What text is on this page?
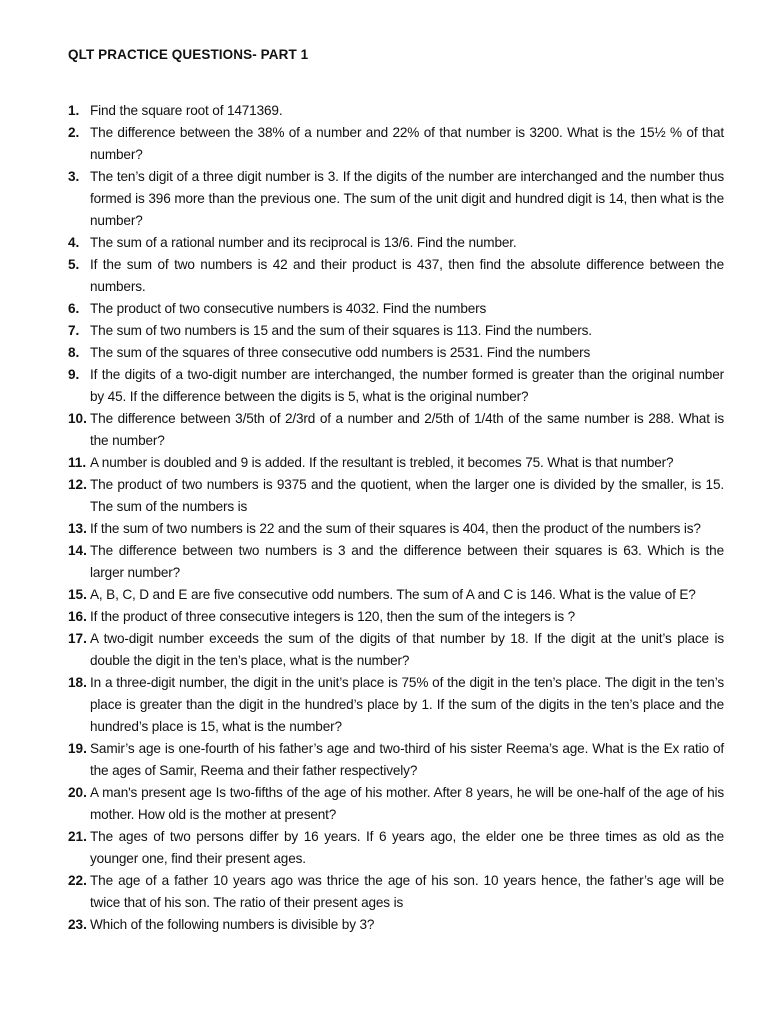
QLT PRACTICE QUESTIONS- PART 1
1. Find the square root of 1471369.
2. The difference between the 38% of a number and 22% of that number is 3200. What is the 15½ % of that number?
3. The ten’s digit of a three digit number is 3. If the digits of the number are interchanged and the number thus formed is 396 more than the previous one. The sum of the unit digit and hundred digit is 14, then what is the number?
4. The sum of a rational number and its reciprocal is 13/6. Find the number.
5. If the sum of two numbers is 42 and their product is 437, then find the absolute difference between the numbers.
6. The product of two consecutive numbers is 4032. Find the numbers
7. The sum of two numbers is 15 and the sum of their squares is 113. Find the numbers.
8. The sum of the squares of three consecutive odd numbers is 2531. Find the numbers
9. If the digits of a two-digit number are interchanged, the number formed is greater than the original number by 45. If the difference between the digits is 5, what is the original number?
10. The difference between 3/5th of 2/3rd of a number and 2/5th of 1/4th of the same number is 288. What is the number?
11. A number is doubled and 9 is added. If the resultant is trebled, it becomes 75. What is that number?
12. The product of two numbers is 9375 and the quotient, when the larger one is divided by the smaller, is 15. The sum of the numbers is
13. If the sum of two numbers is 22 and the sum of their squares is 404, then the product of the numbers is?
14. The difference between two numbers is 3 and the difference between their squares is 63. Which is the larger number?
15. A, B, C, D and E are five consecutive odd numbers. The sum of A and C is 146. What is the value of E?
16. If the product of three consecutive integers is 120, then the sum of the integers is ?
17. A two-digit number exceeds the sum of the digits of that number by 18. If the digit at the unit’s place is double the digit in the ten’s place, what is the number?
18. In a three-digit number, the digit in the unit’s place is 75% of the digit in the ten’s place. The digit in the ten’s place is greater than the digit in the hundred’s place by 1. If the sum of the digits in the ten’s place and the hundred’s place is 15, what is the number?
19. Samir’s age is one-fourth of his father’s age and two-third of his sister Reema’s age. What is the Ex ratio of the ages of Samir, Reema and their father respectively?
20. A man's present age Is two-fifths of the age of his mother. After 8 years, he will be one-half of the age of his mother. How old is the mother at present?
21. The ages of two persons differ by 16 years. If 6 years ago, the elder one be three times as old as the younger one, find their present ages.
22. The age of a father 10 years ago was thrice the age of his son. 10 years hence, the father’s age will be twice that of his son. The ratio of their present ages is
23. Which of the following numbers is divisible by 3?
